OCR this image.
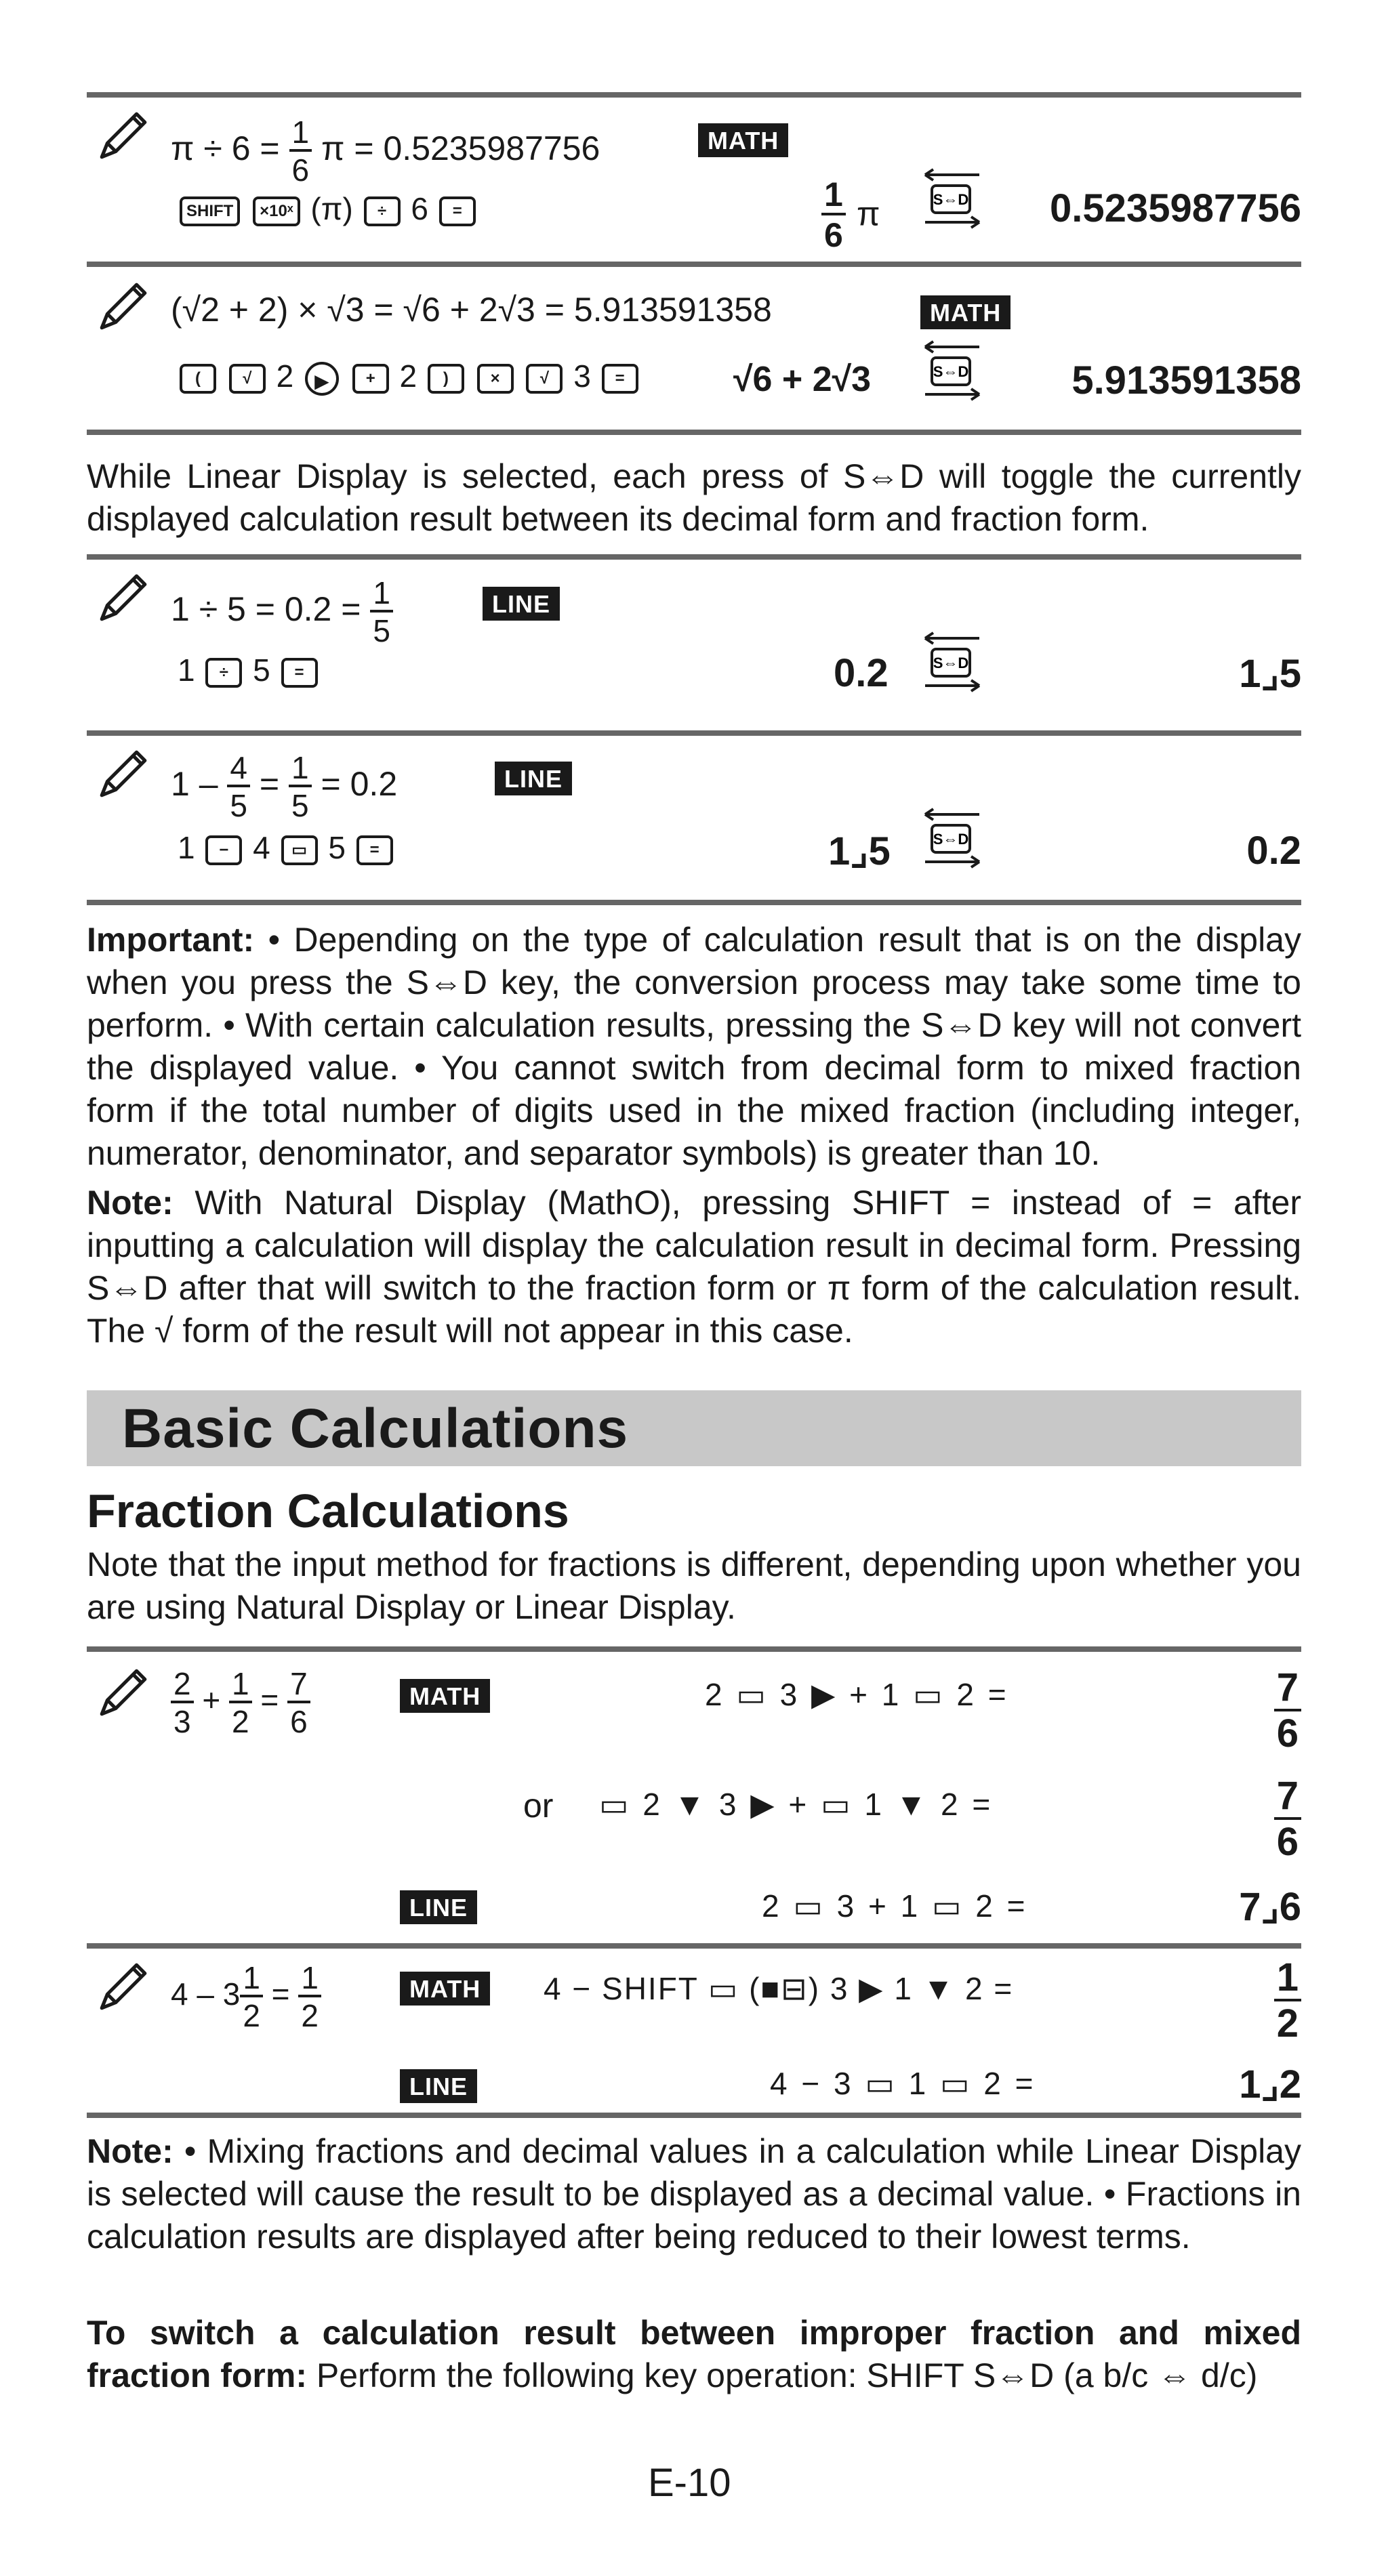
$\pi \div 6 = \frac{1}{6}$ π = 0.5235987756	MATH
SHIFT ×10ˣ (π) ÷ 6 =	$\frac{1}{6}$ π	S⇔D 0.5235987756
(√2 + 2) × √3 = √6 + 2√3 = 5.913591358	MATH
(	√ 2 ▶ + 2 )	× √ 3 =	√6 + 2√3	S⇔D	5.913591358
While Linear Display is selected, each press of S⇔D will toggle the currently displayed calculation result between its decimal form and fraction form.
$1 \div 5 = 0.2 = \frac{1}{5}$	LINE
1 ÷ 5 =	0.2	S⇔D	1⌟5
$1 - \frac{4}{5} = \frac{1}{5} = 0.2$	LINE
1 − 4 ▭ 5 =	1⌟5	S⇔D	0.2
Important: • Depending on the type of calculation result that is on the display when you press the S⇔D key, the conversion process may take some time to perform. • With certain calculation results, pressing the S⇔D key will not convert the displayed value. • You cannot switch from decimal form to mixed fraction form if the total number of digits used in the mixed fraction (including integer, numerator, denominator, and separator symbols) is greater than 10.
Note: With Natural Display (MathO), pressing SHIFT = instead of = after inputting a calculation will display the calculation result in decimal form. Pressing S⇔D after that will switch to the fraction form or π form of the calculation result. The √ form of the result will not appear in this case.
Basic Calculations
Fraction Calculations
Note that the input method for fractions is different, depending upon whether you are using Natural Display or Linear Display.
$\frac{2}{3} + \frac{1}{2} = \frac{7}{6}$	MATH	2 ▭ 3 ▶ + 1 ▭ 2 =	$\frac{7}{6}$
or ▭ 2 ▼ 3 ▶ + ▭ 1 ▼ 2 =	$\frac{7}{6}$
LINE	2 ▭ 3 + 1 ▭ 2 =	7⌟6
$4 - 3 \frac{1}{2} = \frac{1}{2}$	MATH	4 − SHIFT ▭ (■⊟) 3 ▶ 1 ▼ 2 =	$\frac{1}{2}$
LINE	4 − 3 ▭ 1 ▭ 2 =	1⌟2
Note: • Mixing fractions and decimal values in a calculation while Linear Display is selected will cause the result to be displayed as a decimal value. • Fractions in calculation results are displayed after being reduced to their lowest terms.
To switch a calculation result between improper fraction and mixed fraction form: Perform the following key operation: SHIFT S⇔D (a b/c ⇔ d/c)
E-10
